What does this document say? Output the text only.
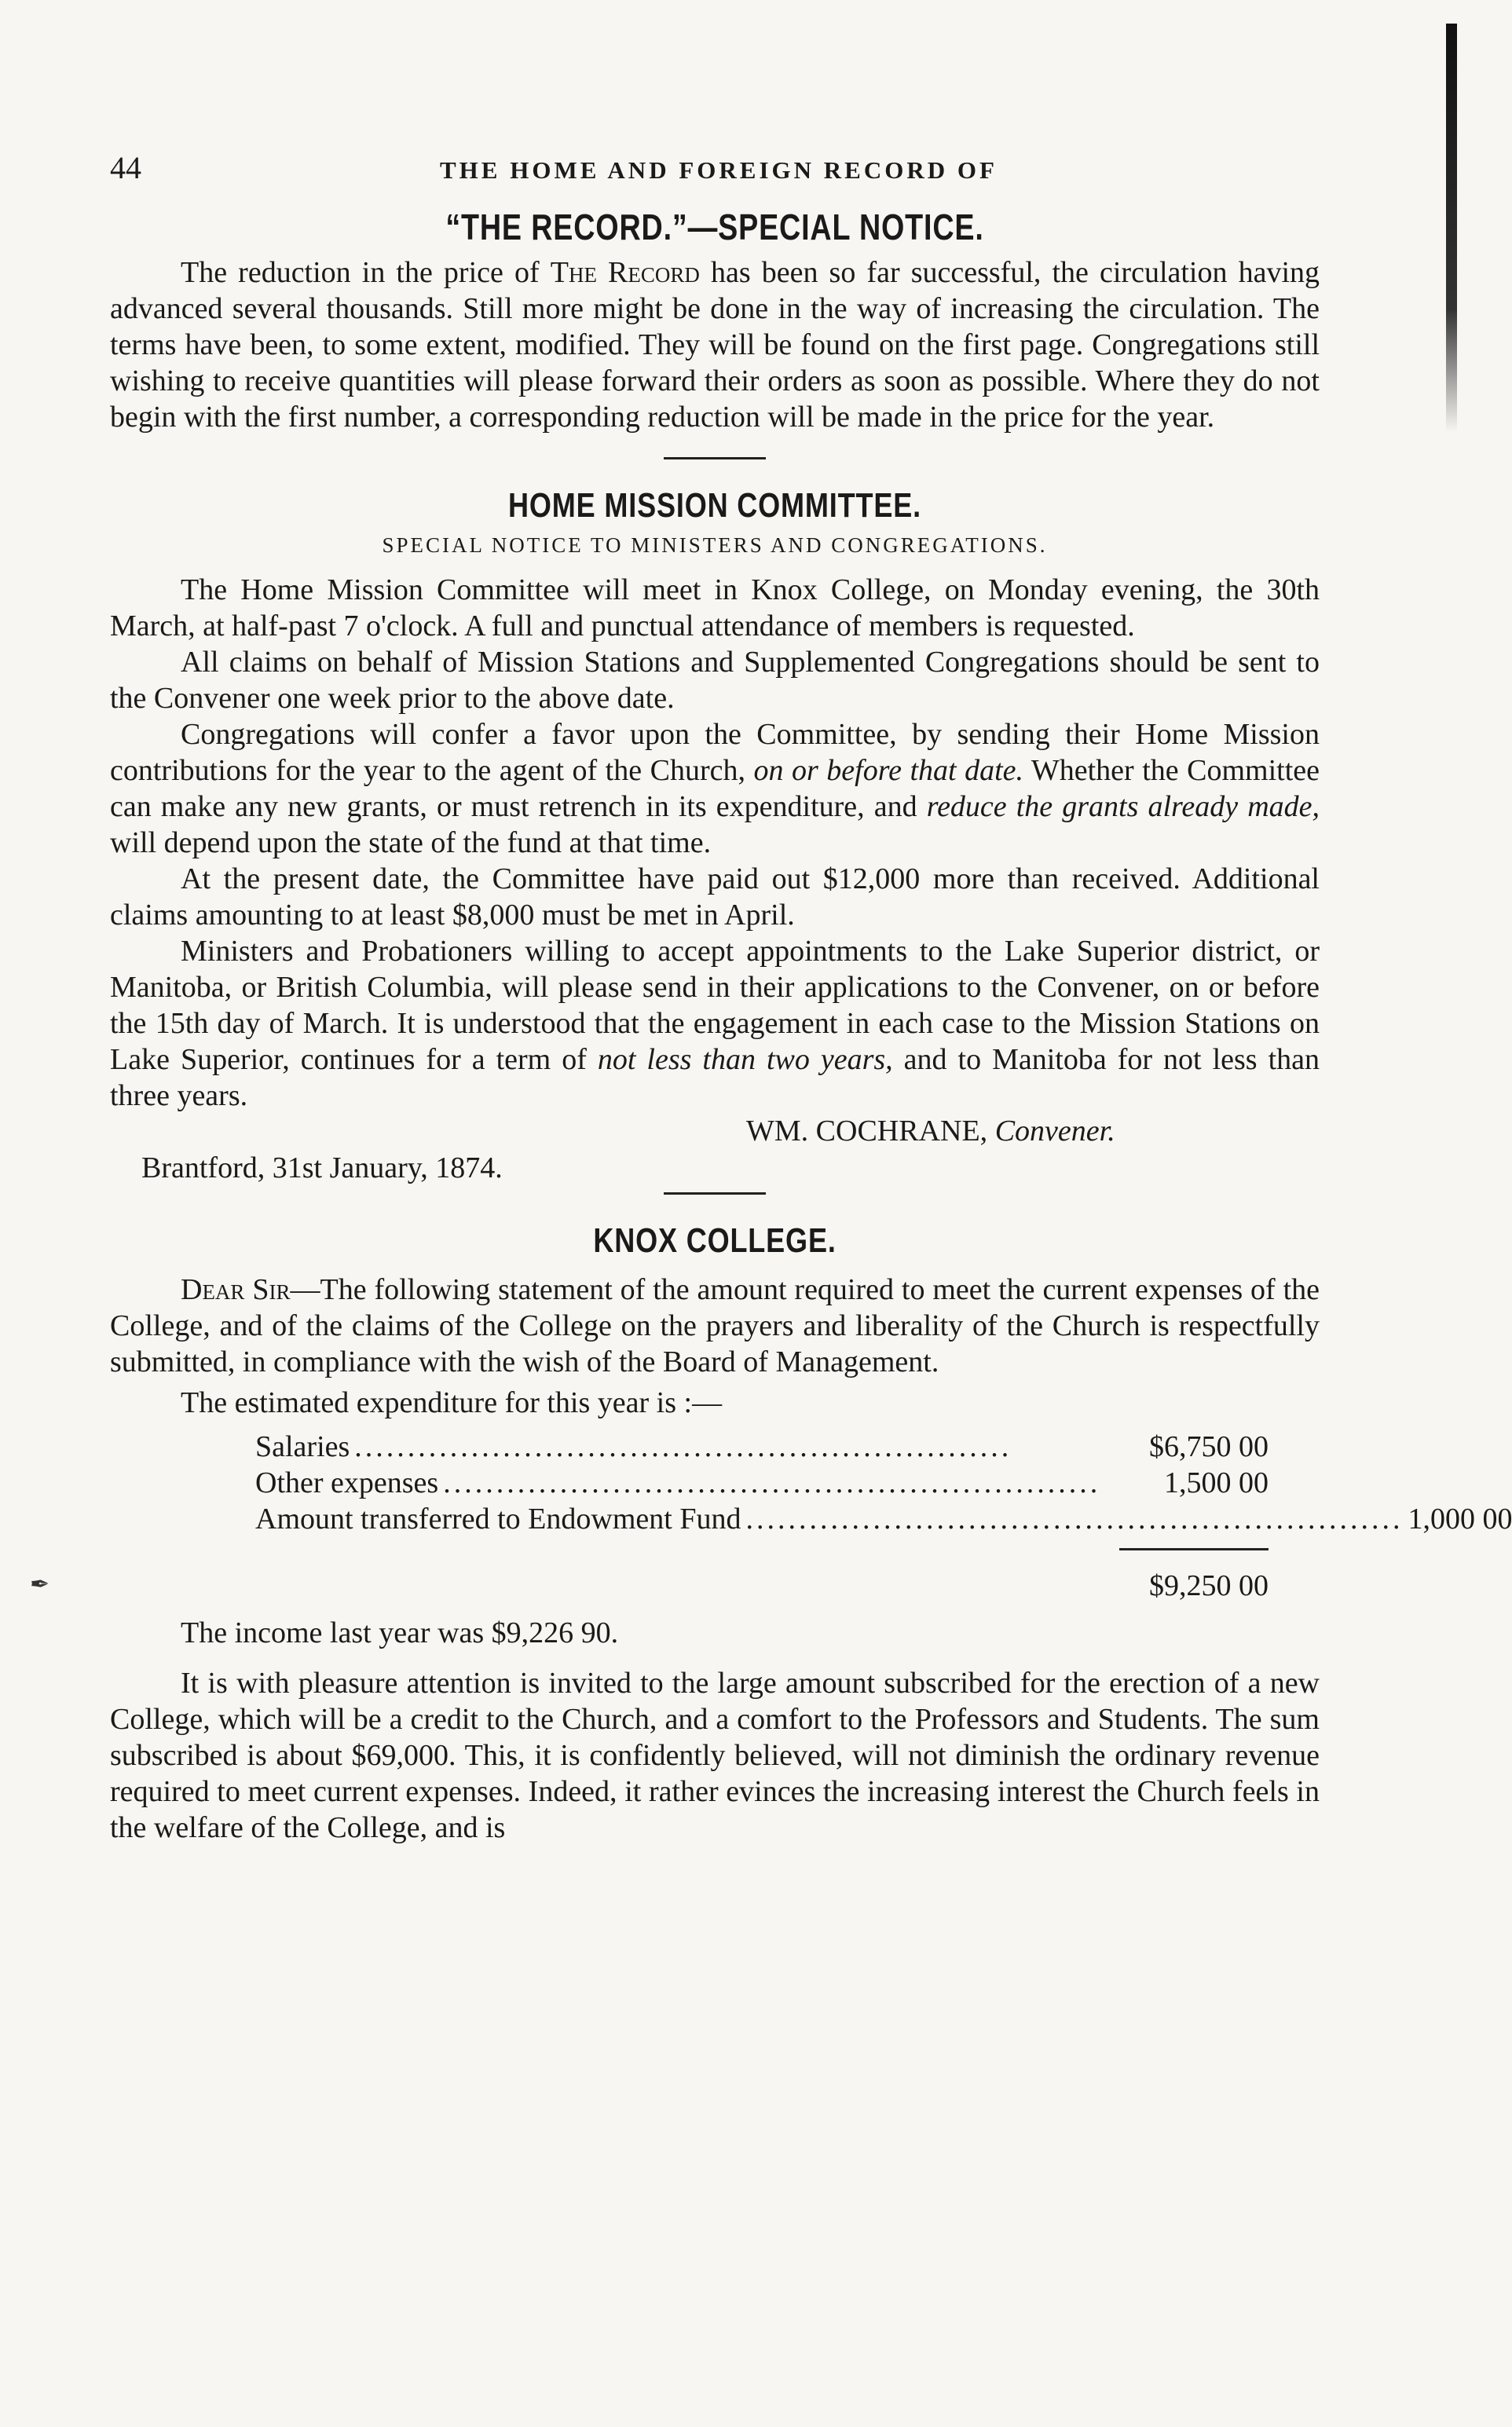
✒
44	THE HOME AND FOREIGN RECORD OF
“THE RECORD.”—SPECIAL NOTICE.

The reduction in the price of The Record has been so far successful, the circulation having advanced several thousands. Still more might be done in the way of increasing the circulation. The terms have been, to some extent, modified. They will be found on the first page. Congregations still wishing to receive quantities will please forward their orders as soon as possible. Where they do not begin with the first number, a corresponding reduction will be made in the price for the year.

HOME MISSION COMMITTEE.
SPECIAL NOTICE TO MINISTERS AND CONGREGATIONS.

The Home Mission Committee will meet in Knox College, on Monday evening, the 30th March, at half-past 7 o'clock. A full and punctual attendance of members is requested.

All claims on behalf of Mission Stations and Supplemented Congregations should be sent to the Convener one week prior to the above date.

Congregations will confer a favor upon the Committee, by sending their Home Mission contributions for the year to the agent of the Church, on or before that date. Whether the Committee can make any new grants, or must retrench in its expenditure, and reduce the grants already made, will depend upon the state of the fund at that time.

At the present date, the Committee have paid out $12,000 more than received. Additional claims amounting to at least $8,000 must be met in April.

Ministers and Probationers willing to accept appointments to the Lake Superior district, or Manitoba, or British Columbia, will please send in their applications to the Convener, on or before the 15th day of March. It is understood that the engagement in each case to the Mission Stations on Lake Superior, continues for a term of not less than two years, and to Manitoba for not less than three years.

WM. COCHRANE, Convener.
Brantford, 31st January, 1874.
KNOX COLLEGE.

Dear Sir—The following statement of the amount required to meet the current expenses of the College, and of the claims of the College on the prayers and liberality of the Church is respectfully submitted, in compliance with the wish of the Board of Management.

The estimated expenditure for this year is :—
Salaries ..............................................................	$6,750 00
Other expenses ..............................................................	1,500 00
Amount transferred to Endowment Fund .............................................................. 1,000 00
$9,250 00
The income last year was $9,226 90.

It is with pleasure attention is invited to the large amount subscribed for the erection of a new College, which will be a credit to the Church, and a comfort to the Professors and Students. The sum subscribed is about $69,000. This, it is confidently believed, will not diminish the ordinary revenue required to meet current expenses. Indeed, it rather evinces the increasing interest the Church feels in the welfare of the College, and is
